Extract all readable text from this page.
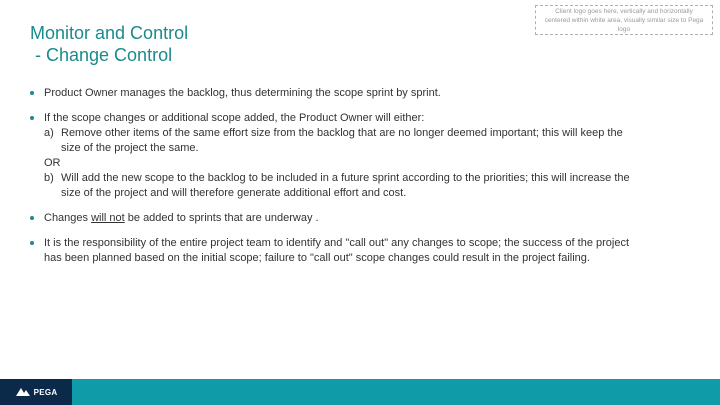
Monitor and Control
- Change Control
Client logo goes here, vertically and horizontally centered within white area, visually similar size to Pega logo
Product Owner manages the backlog, thus determining the scope sprint by sprint.
If the scope changes or additional scope added, the Product Owner will either:
a) Remove other items of the same effort size from the backlog that are no longer deemed important; this will keep the size of the project the same.
OR
b) Will add the new scope to the backlog to be included in a future sprint according to the priorities; this will increase the size of the project and will therefore generate additional effort and cost.
Changes will not be added to sprints that are underway .
It is the responsibility of the entire project team to identify and "call out" any changes to scope; the success of the project has been planned based on the initial scope; failure to "call out" scope changes could result in the project failing.
PEGA
